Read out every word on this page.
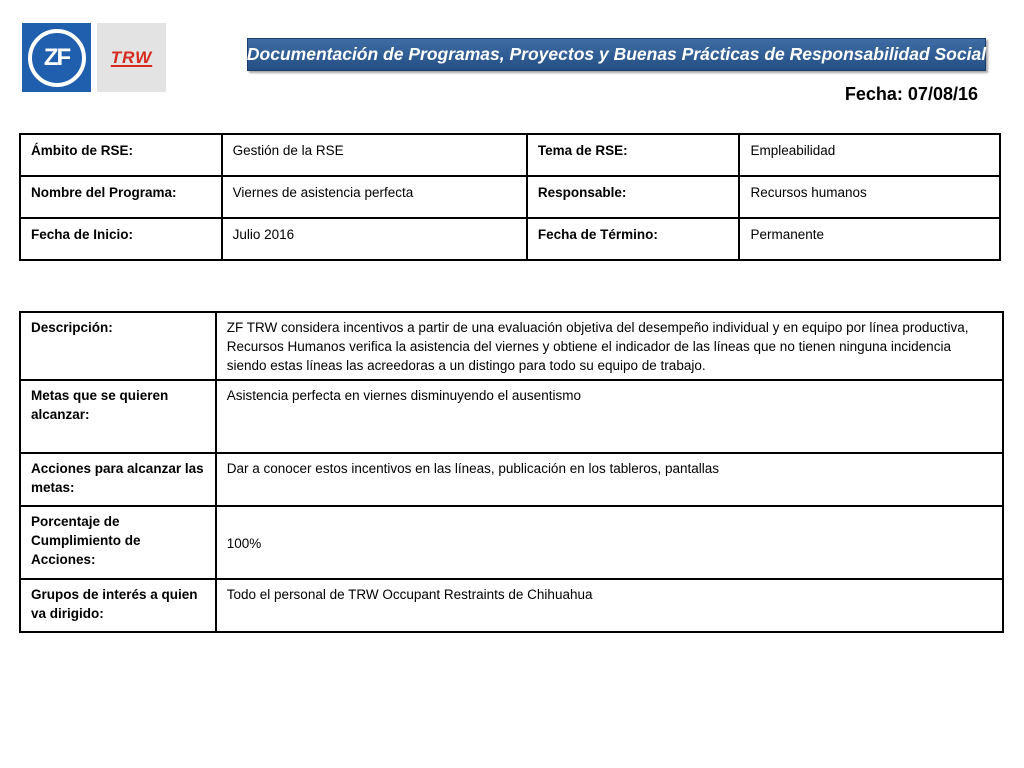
ZF	TRW	Documentación de Programas, Proyectos y Buenas Prácticas de Responsabilidad Social
Fecha: 07/08/16
Ámbito de RSE:	Gestión de la RSE	Tema de RSE:	Empleabilidad
Nombre del Programa:	Viernes de asistencia perfecta	Responsable:	Recursos humanos
Fecha de Inicio:	Julio 2016	Fecha de Término:	Permanente
Descripción:	ZF TRW considera incentivos a partir de una evaluación objetiva del desempeño individual y en equipo por línea productiva, Recursos Humanos verifica la asistencia del viernes y obtiene el indicador de las líneas que no tienen ninguna incidencia siendo estas líneas las acreedoras a un distingo para todo su equipo de trabajo.
Metas que se quieren alcanzar:	Asistencia perfecta en viernes disminuyendo el ausentismo
Acciones para alcanzar las metas:	Dar a conocer estos incentivos en las líneas, publicación en los tableros, pantallas
Porcentaje de Cumplimiento de Acciones:	100%
Grupos de interés a quien va dirigido:	Todo el personal de TRW Occupant Restraints de Chihuahua
